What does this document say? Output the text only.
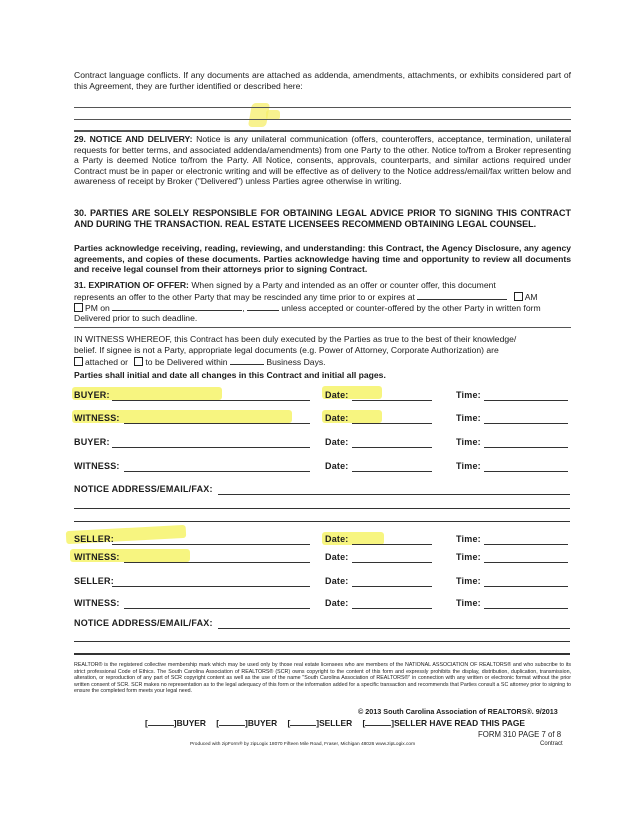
Contract language conflicts. If any documents are attached as addenda, amendments, attachments, or exhibits considered part of this Agreement, they are further identified or described here:
29. NOTICE AND DELIVERY: Notice is any unilateral communication (offers, counteroffers, acceptance, termination, unilateral requests for better terms, and associated addenda/amendments) from one Party to the other. Notice to/from a Broker representing a Party is deemed Notice to/from the Party. All Notice, consents, approvals, counterparts, and similar actions required under Contract must be in paper or electronic writing and will be effective as of delivery to the Notice address/email/fax written below and awareness of receipt by Broker ("Delivered") unless Parties agree otherwise in writing.
30. PARTIES ARE SOLELY RESPONSIBLE FOR OBTAINING LEGAL ADVICE PRIOR TO SIGNING THIS CONTRACT AND DURING THE TRANSACTION. REAL ESTATE LICENSEES RECOMMEND OBTAINING LEGAL COUNSEL.
Parties acknowledge receiving, reading, reviewing, and understanding: this Contract, the Agency Disclosure, any agency agreements, and copies of these documents. Parties acknowledge having time and opportunity to review all documents and receive legal counsel from their attorneys prior to signing Contract.
31. EXPIRATION OF OFFER: When signed by a Party and intended as an offer or counter offer, this document
represents an offer to the other Party that may be rescinded any time prior to or expires at	AM
PM on	,	unless accepted or counter-offered by the other Party in written form
Delivered prior to such deadline.
IN WITNESS WHEREOF, this Contract has been duly executed by the Parties as true to the best of their knowledge/
belief. If signee is not a Party, appropriate legal documents (e.g. Power of Attorney, Corporate Authorization) are
attached or to be Delivered within	Business Days.
Parties shall initial and date all changes in this Contract and initial all pages.
BUYER:	Date:	Time:
WITNESS:	Date:	Time:
BUYER:	Date:	Time:
WITNESS:	Date:	Time:
NOTICE ADDRESS/EMAIL/FAX:
SELLER:	Date:	Time:
WITNESS:	Date:	Time:
SELLER:	Date:	Time:
WITNESS:	Date:	Time:
NOTICE ADDRESS/EMAIL/FAX:
REALTOR® is the registered collective membership mark which may be used only by those real estate licensees who are members of the NATIONAL ASSOCIATION OF REALTORS® and who subscribe to its strict professional Code of Ethics. The South Carolina Association of REALTORS® (SCR) owns copyright to the content of this form and expressly prohibits the display, distribution, duplication, transmission, alteration, or reproduction of any part of SCR copyright content as well as the use of the name "South Carolina Association of REALTORS®" in connection with any written or electronic format without the prior written consent of SCR. SCR makes no representation as to the legal adequacy of this form or the information added for a specific transaction and recommends that Parties consult a SC attorney prior to signing to ensure the completed form meets your legal need.
© 2013 South Carolina Association of REALTORS®. 9/2013
[	]BUYER [	]BUYER [	]SELLER [	]SELLER HAVE READ THIS PAGE
FORM 310 PAGE 7 of 8
Produced with zipForm® by zipLogix 18070 Fifteen Mile Road, Fraser, Michigan 48026 www.zipLogix.com	Contract
